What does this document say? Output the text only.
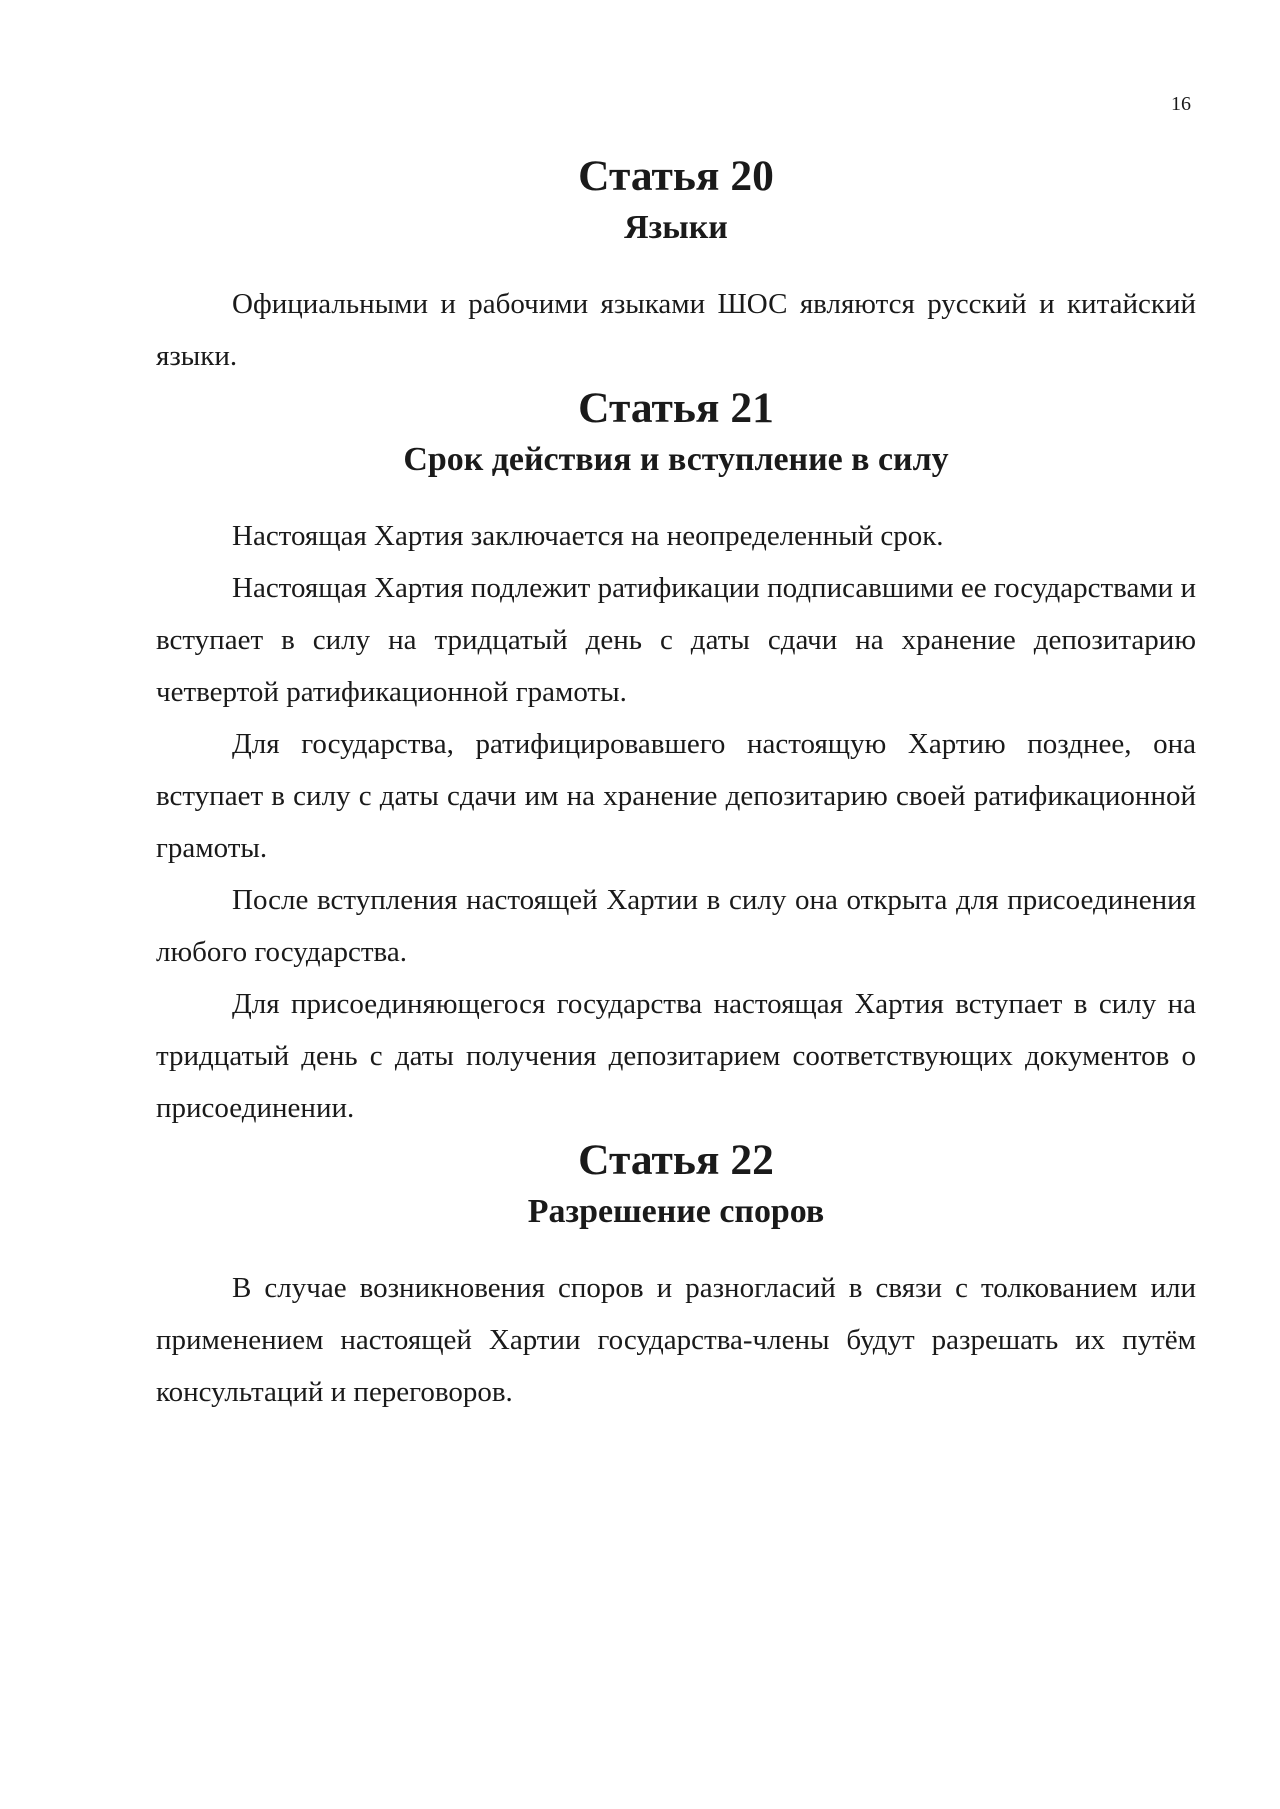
16
Статья 20
Языки

Официальными и рабочими языками ШОС являются русский и китайский языки.

Статья 21
Срок действия и вступление в силу

Настоящая Хартия заключается на неопределенный срок.

Настоящая Хартия подлежит ратификации подписавшими ее государствами и вступает в силу на тридцатый день с даты сдачи на хранение депозитарию четвертой ратификационной грамоты.

Для государства, ратифицировавшего настоящую Хартию позднее, она вступает в силу с даты сдачи им на хранение депозитарию своей ратификационной грамоты.

После вступления настоящей Хартии в силу она открыта для присоединения любого государства.

Для присоединяющегося государства настоящая Хартия вступает в силу на тридцатый день с даты получения депозитарием соответствующих документов о присоединении.

Статья 22
Разрешение споров

В случае возникновения споров и разногласий в связи с толкованием или применением настоящей Хартии государства-члены будут разрешать их путём консультаций и переговоров.
